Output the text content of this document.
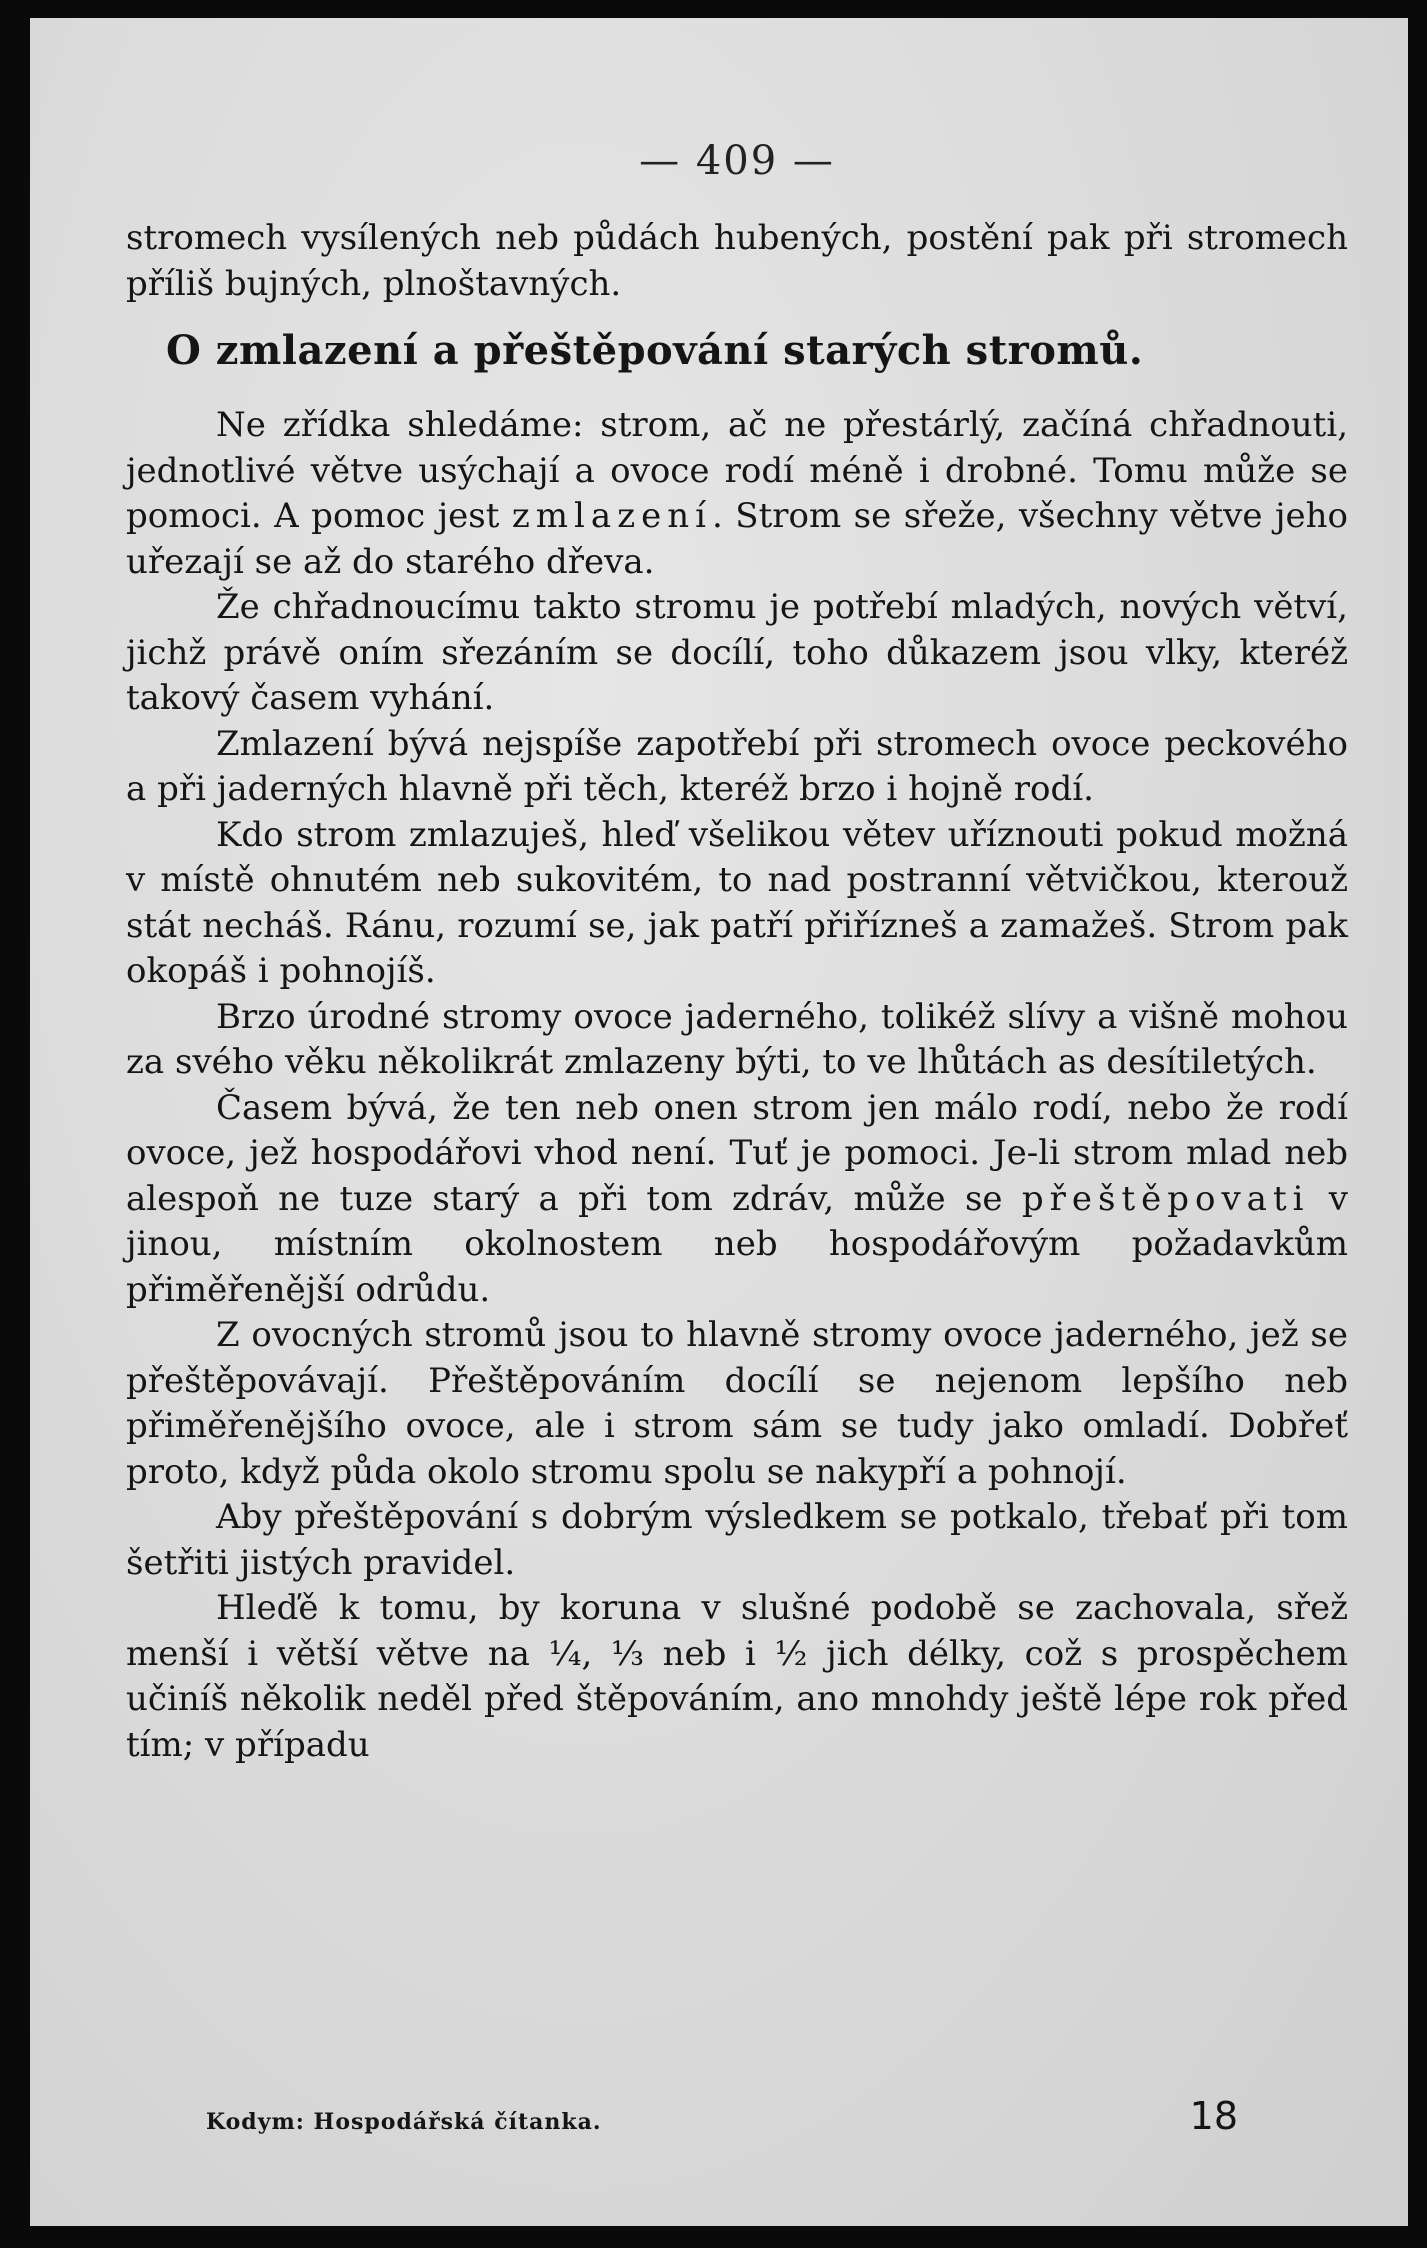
— 409 —

stromech vysílených neb půdách hubených, postění pak při stromech příliš bujných, plnoštavných.

O zmlazení a přeštěpování starých stromů.

Ne zřídka shledáme: strom, ač ne přestárlý, začíná chřadnouti, jednotlivé větve usýchají a ovoce rodí méně i drobné. Tomu může se pomoci. A pomoc jest zmlazení. Strom se sřeže, všechny větve jeho uřezají se až do starého dřeva.

Že chřadnoucímu takto stromu je potřebí mladých, nových větví, jichž právě oním sřezáním se docílí, toho důkazem jsou vlky, kteréž takový časem vyhání.

Zmlazení bývá nejspíše zapotřebí při stromech ovoce peckového a při jaderných hlavně při těch, kteréž brzo i hojně rodí.

Kdo strom zmlazuješ, hleď všelikou větev uříznouti pokud možná v místě ohnutém neb sukovitém, to nad postranní větvičkou, kterouž stát necháš. Ránu, rozumí se, jak patří přiřízneš a zamažeš. Strom pak okopáš i pohnojíš.

Brzo úrodné stromy ovoce jaderného, tolikéž slívy a višně mohou za svého věku několikrát zmlazeny býti, to ve lhůtách as desítiletých.

Časem bývá, že ten neb onen strom jen málo rodí, nebo že rodí ovoce, jež hospodářovi vhod není. Tuť je pomoci. Je-li strom mlad neb alespoň ne tuze starý a při tom zdráv, může se přeštěpovati v jinou, místním okolnostem neb hospodářovým požadavkům přiměřenější odrůdu.

Z ovocných stromů jsou to hlavně stromy ovoce jaderného, jež se přeštěpovávají. Přeštěpováním docílí se nejenom lepšího neb přiměřenějšího ovoce, ale i strom sám se tudy jako omladí. Dobřeť proto, když půda okolo stromu spolu se nakypří a pohnojí.

Aby přeštěpování s dobrým výsledkem se potkalo, třebať při tom šetřiti jistých pravidel.

Hleďě k tomu, by koruna v slušné podobě se zachovala, sřež menší i větší větve na ¼, ⅓ neb i ½ jich délky, což s prospěchem učiníš několik neděl před štěpováním, ano mnohdy ještě lépe rok před tím; v případu

Kodym: Hospodářská čítanka.	18
